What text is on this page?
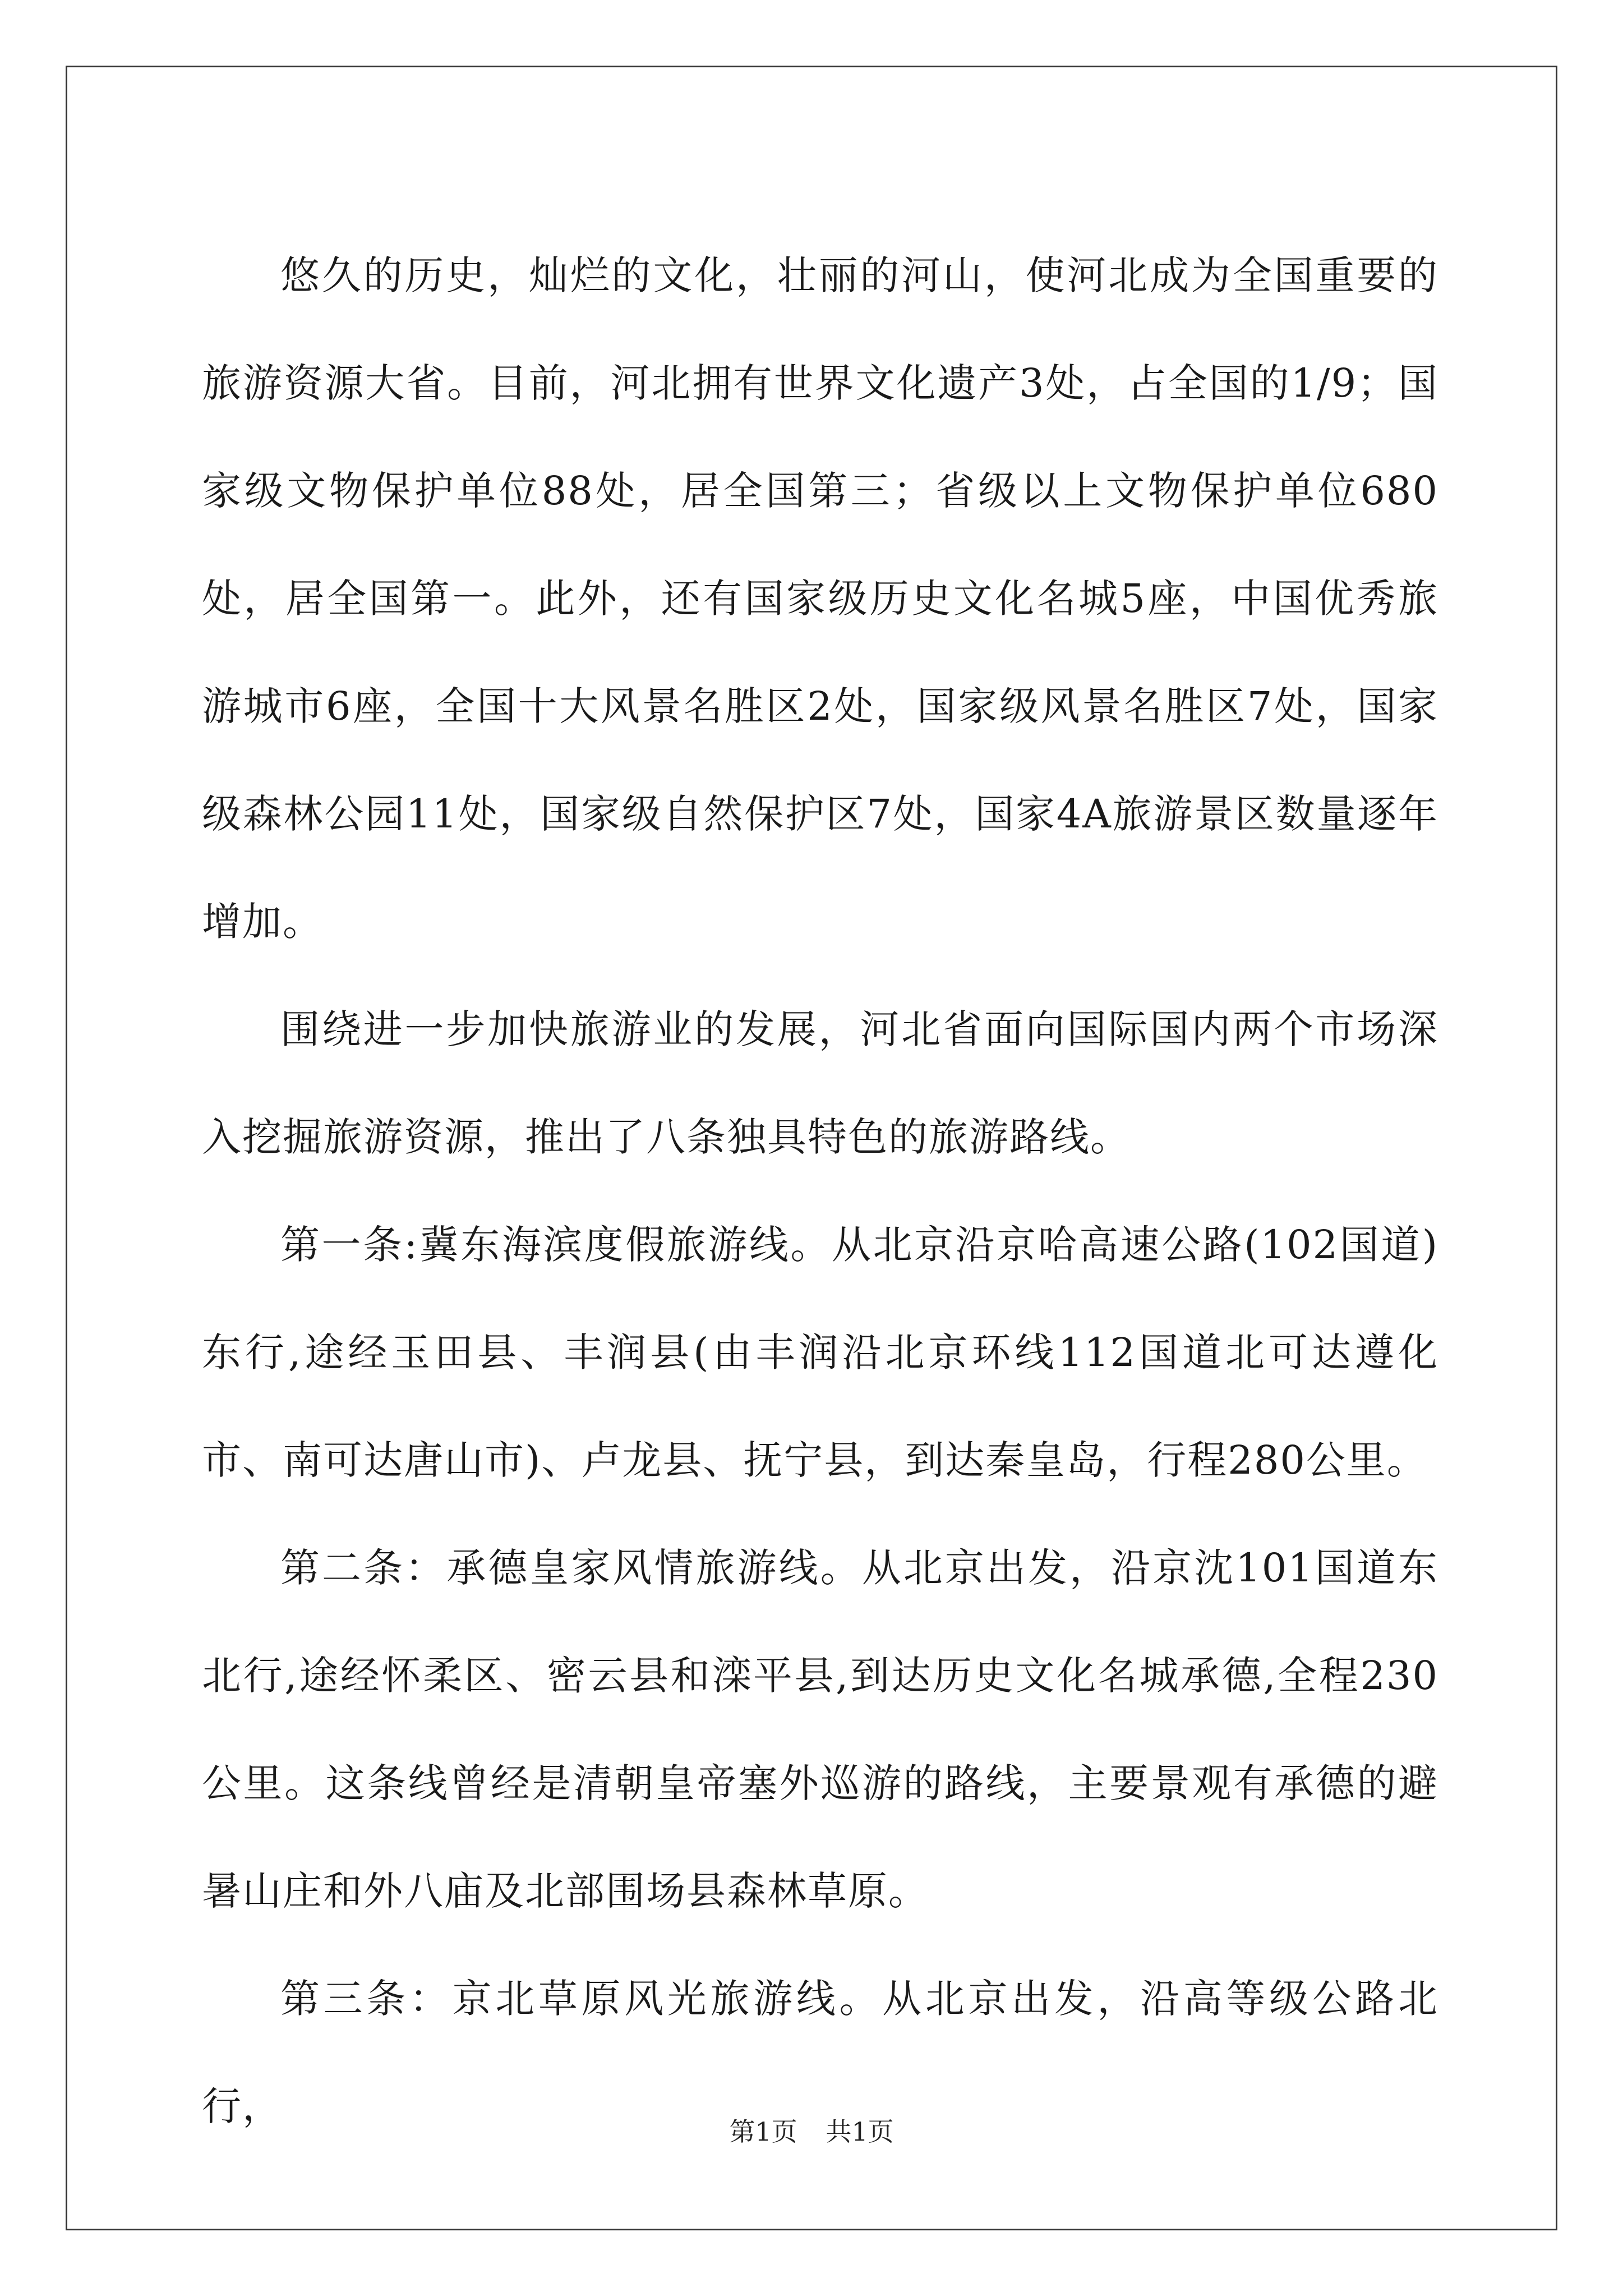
悠久的历史，灿烂的文化，壮丽的河山，使河北成为全国重要的旅游资源大省。目前，河北拥有世界文化遗产3处，占全国的1/9；国家级文物保护单位88处，居全国第三；省级以上文物保护单位680处，居全国第一。此外，还有国家级历史文化名城5座，中国优秀旅游城市6座，全国十大风景名胜区2处，国家级风景名胜区7处，国家级森林公园11处，国家级自然保护区7处，国家4A旅游景区数量逐年增加。

围绕进一步加快旅游业的发展，河北省面向国际国内两个市场深入挖掘旅游资源，推出了八条独具特色的旅游路线。

第一条:冀东海滨度假旅游线。从北京沿京哈高速公路(102国道)东行,途经玉田县、丰润县(由丰润沿北京环线112国道北可达遵化市、南可达唐山市)、卢龙县、抚宁县，到达秦皇岛，行程280公里。

第二条：承德皇家风情旅游线。从北京出发，沿京沈101国道东北行,途经怀柔区、密云县和滦平县,到达历史文化名城承德,全程230公里。这条线曾经是清朝皇帝塞外巡游的路线，主要景观有承德的避暑山庄和外八庙及北部围场县森林草原。

第三条：京北草原风光旅游线。从北京出发，沿高等级公路北行，

第1页 共1页
